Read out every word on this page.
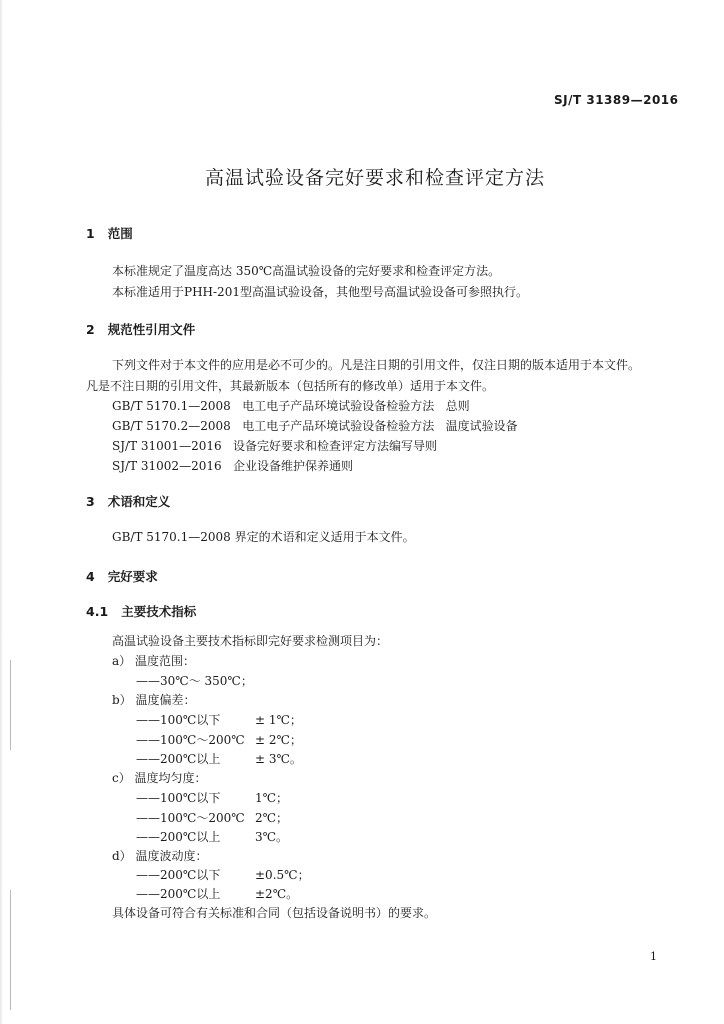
SJ/T 31389—2016
高温试验设备完好要求和检查评定方法
1   范围
本标准规定了温度高达 350℃高温试验设备的完好要求和检查评定方法。
本标准适用于PHH-201型高温试验设备，其他型号高温试验设备可参照执行。
2   规范性引用文件
下列文件对于本文件的应用是必不可少的。凡是注日期的引用文件，仅注日期的版本适用于本文件。
凡是不注日期的引用文件，其最新版本（包括所有的修改单）适用于本文件。
GB/T 5170.1—2008   电工电子产品环境试验设备检验方法   总则
GB/T 5170.2—2008   电工电子产品环境试验设备检验方法   温度试验设备
SJ/T 31001—2016   设备完好要求和检查评定方法编写导则
SJ/T 31002—2016   企业设备维护保养通则
3   术语和定义
GB/T 5170.1—2008 界定的术语和定义适用于本文件。
4   完好要求
4.1   主要技术指标
高温试验设备主要技术指标即完好要求检测项目为：
a） 温度范围：
——30℃～ 350℃；
b） 温度偏差：
——100℃以下	± 1℃；
——100℃～200℃ ± 2℃；
——200℃以上	± 3℃。
c） 温度均匀度：
——100℃以下	1℃；
——100℃～200℃ 2℃；
——200℃以上	3℃。
d） 温度波动度：
——200℃以下	±0.5℃；
——200℃以上	±2℃。
具体设备可符合有关标准和合同（包括设备说明书）的要求。
1
